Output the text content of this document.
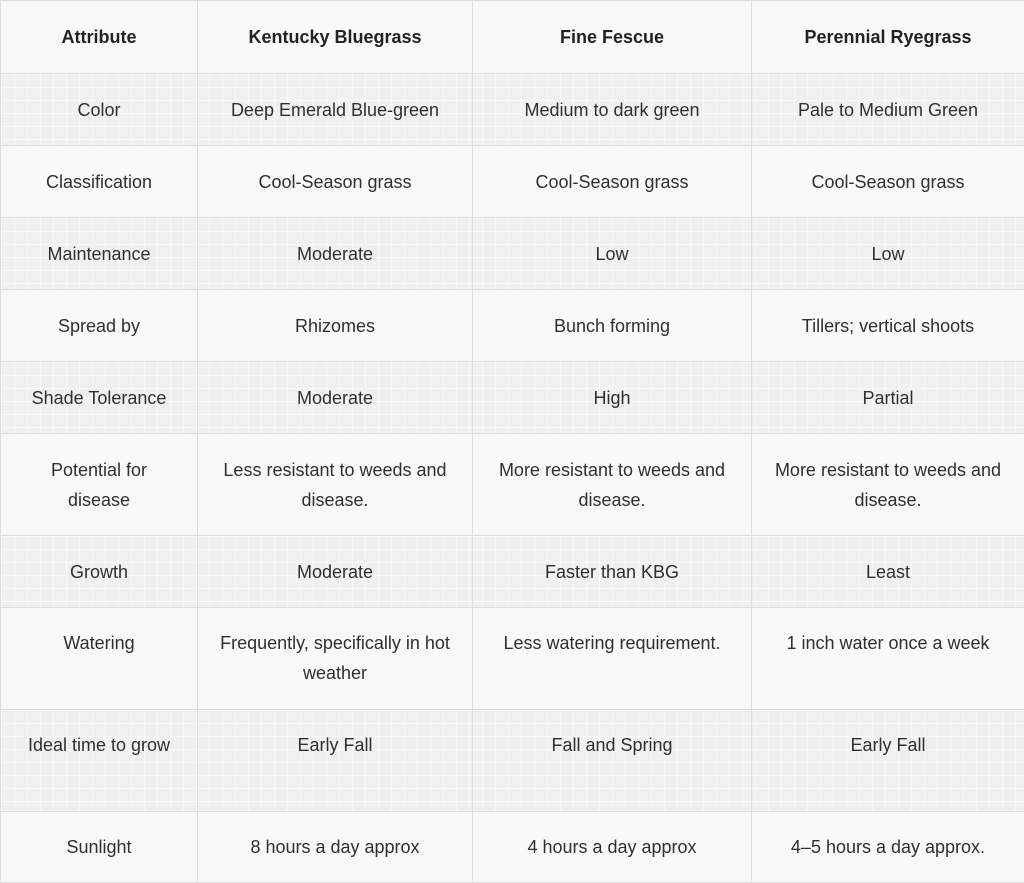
Attribute	Kentucky Bluegrass	Fine Fescue	Perennial Ryegrass
Color	Deep Emerald Blue-green	Medium to dark green	Pale to Medium Green
Classification	Cool-Season grass	Cool-Season grass	Cool-Season grass
Maintenance	Moderate	Low	Low
Spread by	Rhizomes	Bunch forming	Tillers; vertical shoots
Shade Tolerance	Moderate	High	Partial
Potential for disease	Less resistant to weeds and disease.	More resistant to weeds and disease.	More resistant to weeds and disease.
Growth	Moderate	Faster than KBG	Least
Watering	Frequently, specifically in hot weather	Less watering requirement.	1 inch water once a week
Ideal time to grow	Early Fall	Fall and Spring	Early Fall
Sunlight	8 hours a day approx	4 hours a day approx	4–5 hours a day approx.
